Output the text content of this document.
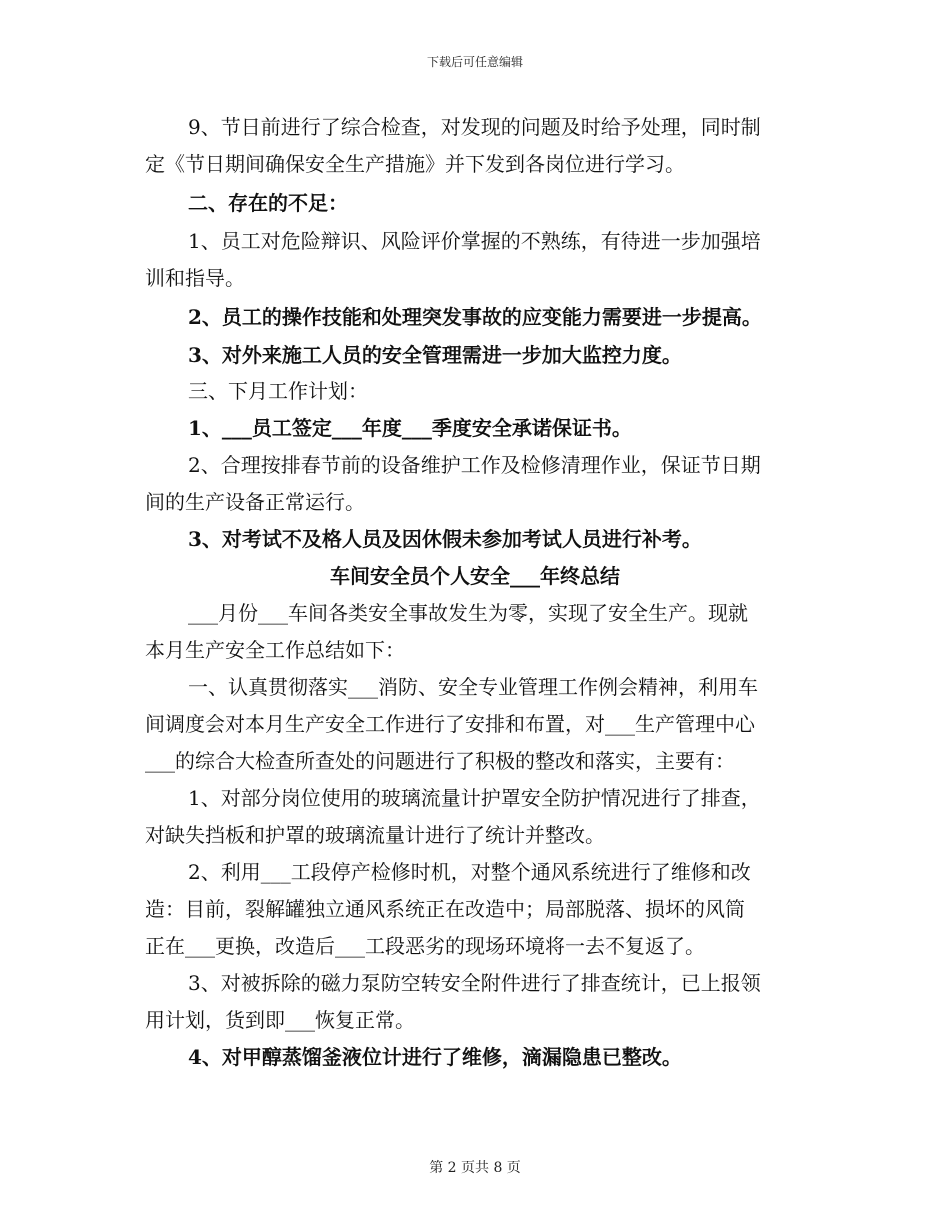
下载后可任意编辑
9、节日前进行了综合检查，对发现的问题及时给予处理，同时制
定《节日期间确保安全生产措施》并下发到各岗位进行学习。
二、存在的不足：
1、员工对危险辩识、风险评价掌握的不熟练，有待进一步加强培
训和指导。
2、员工的操作技能和处理突发事故的应变能力需要进一步提高。
3、对外来施工人员的安全管理需进一步加大监控力度。
三、下月工作计划：
1、___员工签定___年度___季度安全承诺保证书。
2、合理按排春节前的设备维护工作及检修清理作业，保证节日期
间的生产设备正常运行。
3、对考试不及格人员及因休假未参加考试人员进行补考。
车间安全员个人安全___年终总结
___月份___车间各类安全事故发生为零，实现了安全生产。现就
本月生产安全工作总结如下：
一、认真贯彻落实___消防、安全专业管理工作例会精神，利用车
间调度会对本月生产安全工作进行了安排和布置，对___生产管理中心
___的综合大检查所查处的问题进行了积极的整改和落实，主要有：
1、对部分岗位使用的玻璃流量计护罩安全防护情况进行了排查，
对缺失挡板和护罩的玻璃流量计进行了统计并整改。
2、利用___工段停产检修时机，对整个通风系统进行了维修和改
造：目前，裂解罐独立通风系统正在改造中；局部脱落、损坏的风筒
正在___更换，改造后___工段恶劣的现场环境将一去不复返了。
3、对被拆除的磁力泵防空转安全附件进行了排查统计，已上报领
用计划，货到即___恢复正常。
4、对甲醇蒸馏釜液位计进行了维修，滴漏隐患已整改。
第 2 页共 8 页
